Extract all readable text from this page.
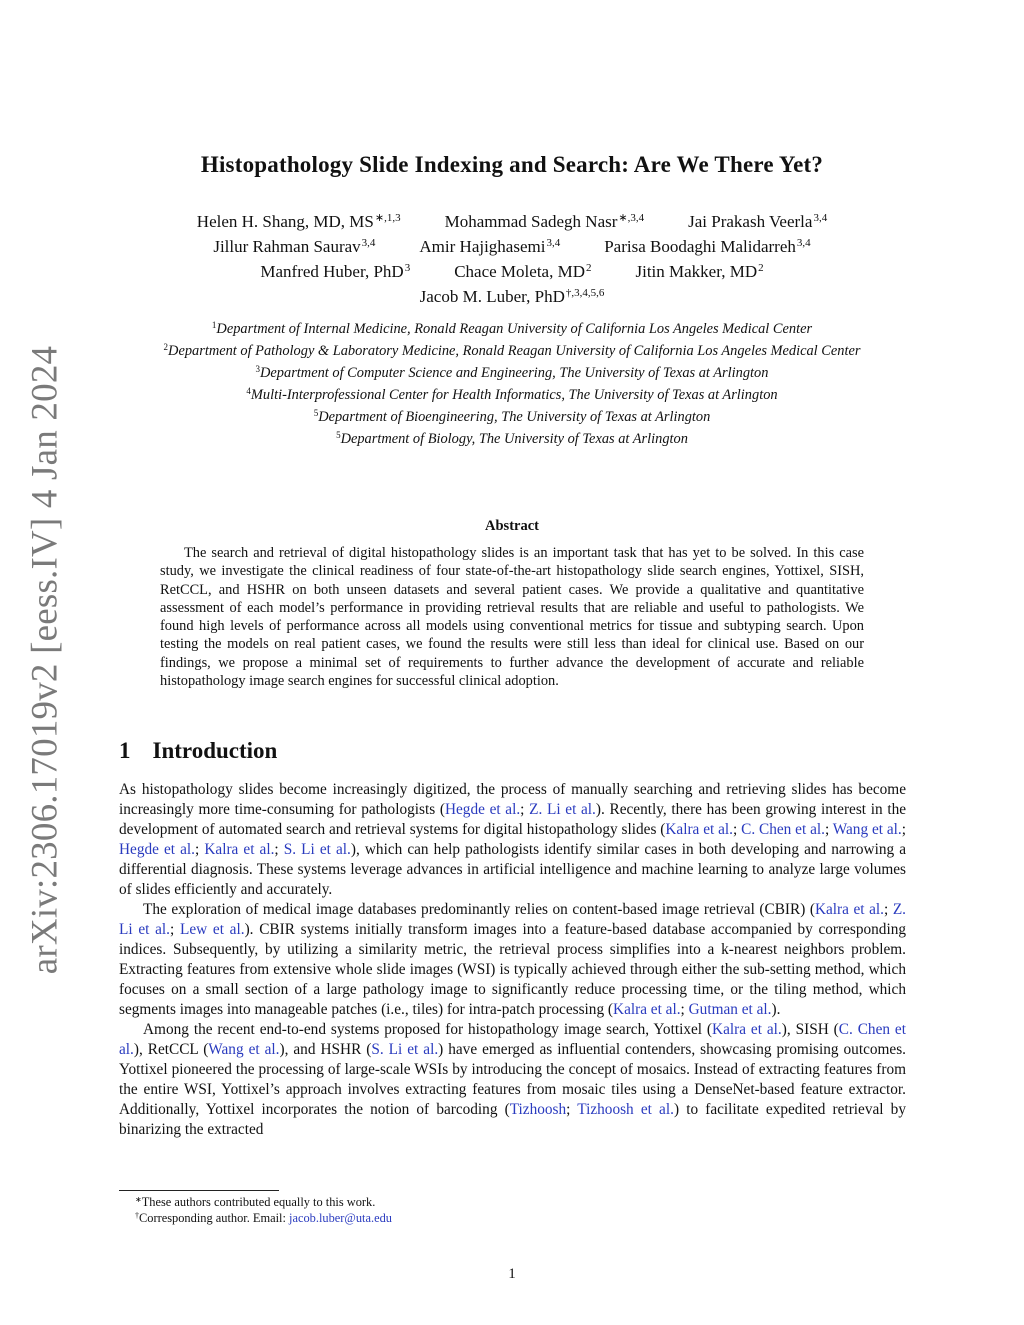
arXiv:2306.17019v2 [eess.IV] 4 Jan 2024
Histopathology Slide Indexing and Search: Are We There Yet?
Helen H. Shang, MD, $MS^{∗,1,3}$	Mohammad Sadegh Nasr$^{∗,3,4}$	Jai Prakash Veerla$^{3,4}$
Jillur Rahman Saurav$^{3,4}$	Amir Hajighasemi$^{3,4}$	Parisa Boodaghi Malidarreh$^{3,4}$
Manfred Huber, PhD$^3$	Chace Moleta, $MD^2$	Jitin Makker, $MD^2$
Jacob M. Luber, PhD$^{\dagger,3,4,5,6}$
$^1$Department of Internal Medicine, Ronald Reagan University of California Los Angeles Medical Center
$^2$Department of Pathology & Laboratory Medicine, Ronald Reagan University of California Los Angeles Medical Center
$^3$Department of Computer Science and Engineering, The University of Texas at Arlington
$^4$Multi-Interprofessional Center for Health Informatics, The University of Texas at Arlington
$^5$Department of Bioengineering, The University of Texas at Arlington
$^5$Department of Biology, The University of Texas at Arlington
Abstract

The search and retrieval of digital histopathology slides is an important task that has yet to be solved. In this case study, we investigate the clinical readiness of four state-of-the-art histopathology slide search engines, Yottixel, SISH, RetCCL, and HSHR on both unseen datasets and several patient cases. We provide a qualitative and quantitative assessment of each model’s performance in providing retrieval results that are reliable and useful to pathologists. We found high levels of performance across all models using conventional metrics for tissue and subtyping search. Upon testing the models on real patient cases, we found the results were still less than ideal for clinical use. Based on our findings, we propose a minimal set of requirements to further advance the development of accurate and reliable histopathology image search engines for successful clinical adoption.

1 Introduction

As histopathology slides become increasingly digitized, the process of manually searching and retrieving slides has become increasingly more time-consuming for pathologists (Hegde et al.; Z. Li et al.). Recently, there has been growing interest in the development of automated search and retrieval systems for digital histopathology slides (Kalra et al.; C. Chen et al.; Wang et al.; Hegde et al.; Kalra et al.; S. Li et al.), which can help pathologists identify similar cases in both developing and narrowing a differential diagnosis. These systems leverage advances in artificial intelligence and machine learning to analyze large volumes of slides efficiently and accurately.

The exploration of medical image databases predominantly relies on content-based image retrieval (CBIR) (Kalra et al.; Z. Li et al.; Lew et al.). CBIR systems initially transform images into a feature-based database accompanied by corresponding indices. Subsequently, by utilizing a similarity metric, the retrieval process simplifies into a k-nearest neighbors problem. Extracting features from extensive whole slide images (WSI) is typically achieved through either the sub-setting method, which focuses on a small section of a large pathology image to significantly reduce processing time, or the tiling method, which segments images into manageable patches (i.e., tiles) for intra-patch processing (Kalra et al.; Gutman et al.).

Among the recent end-to-end systems proposed for histopathology image search, Yottixel (Kalra et al.), SISH (C. Chen et al.), RetCCL (Wang et al.), and HSHR (S. Li et al.) have emerged as influential contenders, showcasing promising outcomes. Yottixel pioneered the processing of large-scale WSIs by introducing the concept of mosaics. Instead of extracting features from the entire WSI, Yottixel’s approach involves extracting features from mosaic tiles using a DenseNet-based feature extractor. Additionally, Yottixel incorporates the notion of barcoding (Tizhoosh; Tizhoosh et al.) to facilitate expedited retrieval by binarizing the extracted

∗These authors contributed equally to this work.
†Corresponding author. Email: jacob.luber@uta.edu
1
